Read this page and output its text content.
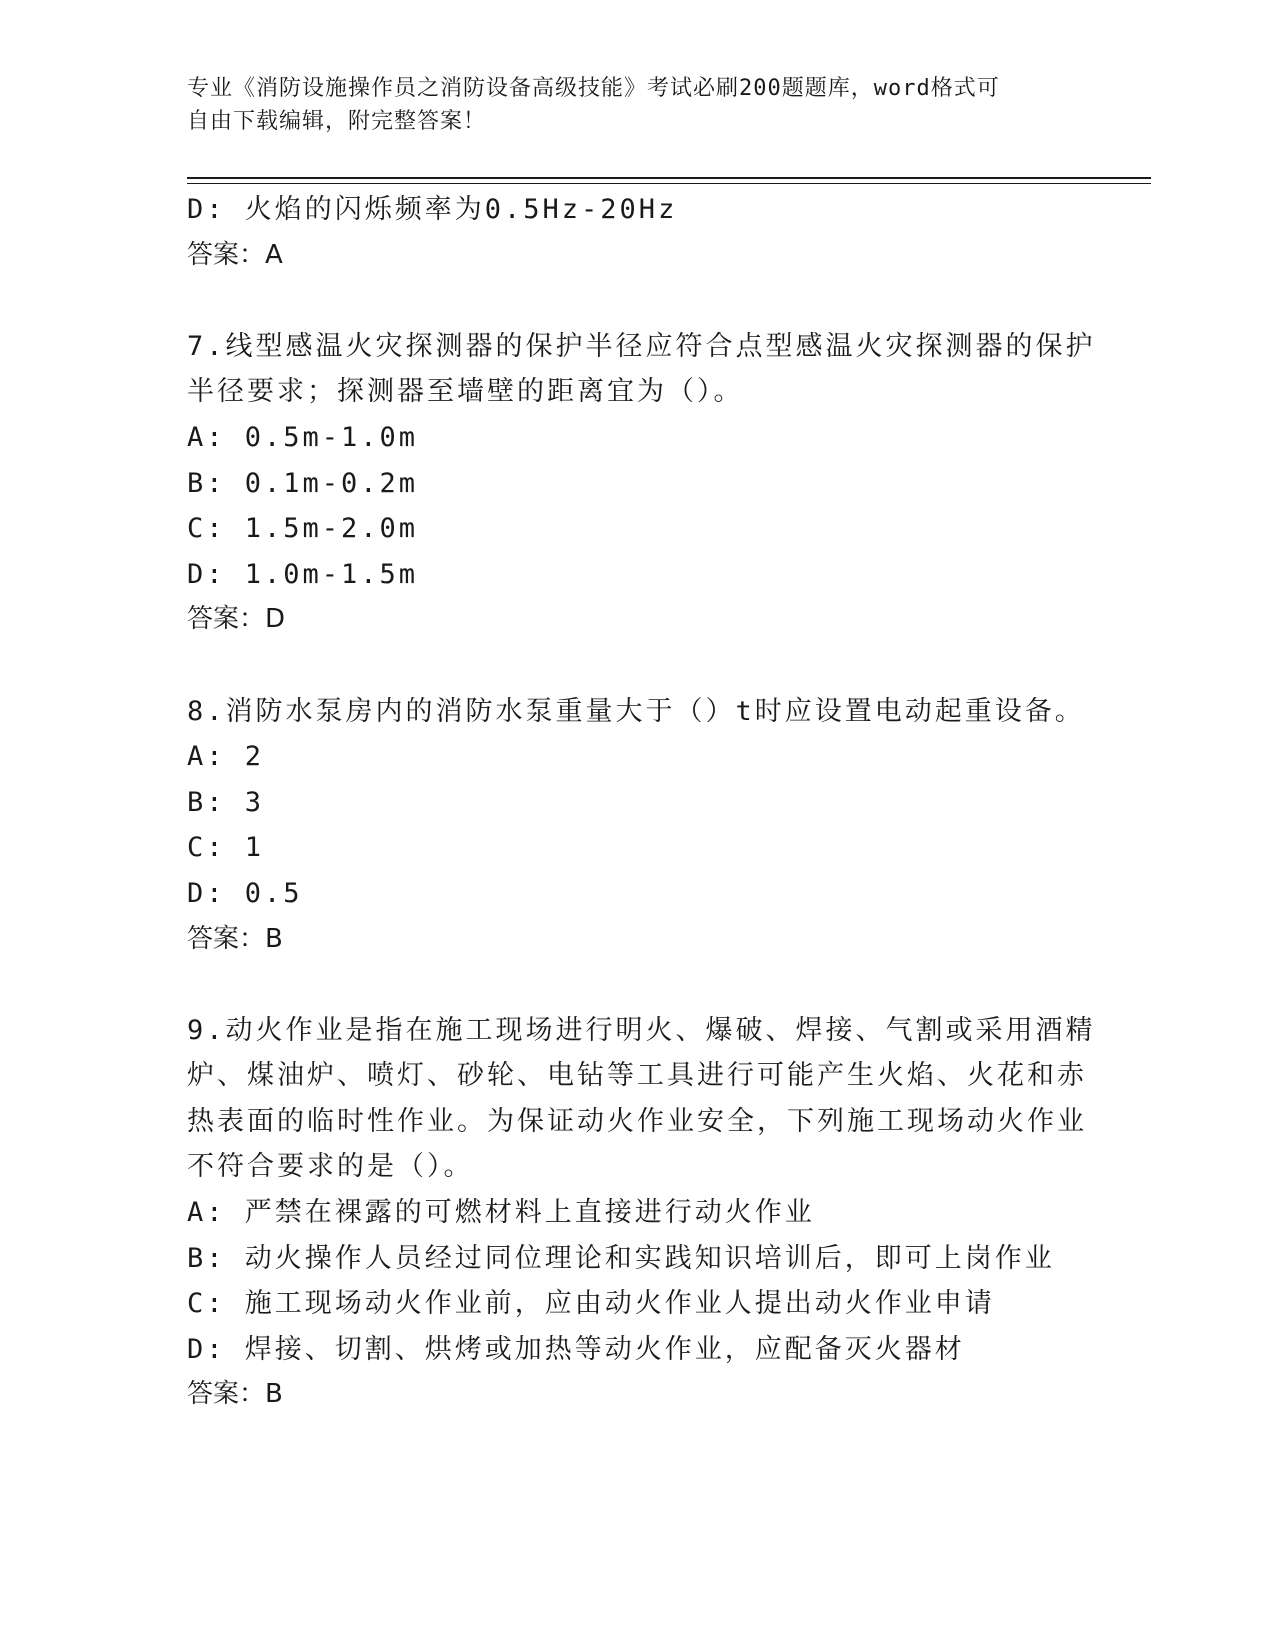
专业《消防设施操作员之消防设备高级技能》考试必刷200题题库，word格式可
自由下载编辑，附完整答案！
D: 火焰的闪烁频率为0.5Hz-20Hz
答案：A
7.线型感温火灾探测器的保护半径应符合点型感温火灾探测器的保护
半径要求；探测器至墙壁的距离宜为（）。
A: 0.5m-1.0m
B: 0.1m-0.2m
C: 1.5m-2.0m
D: 1.0m-1.5m
答案：D
8.消防水泵房内的消防水泵重量大于（）t时应设置电动起重设备。
A: 2
B: 3
C: 1
D: 0.5
答案：B
9.动火作业是指在施工现场进行明火、爆破、焊接、气割或采用酒精
炉、煤油炉、喷灯、砂轮、电钻等工具进行可能产生火焰、火花和赤
热表面的临时性作业。为保证动火作业安全，下列施工现场动火作业
不符合要求的是（）。
A: 严禁在裸露的可燃材料上直接进行动火作业
B: 动火操作人员经过同位理论和实践知识培训后，即可上岗作业
C: 施工现场动火作业前，应由动火作业人提出动火作业申请
D: 焊接、切割、烘烤或加热等动火作业，应配备灭火器材
答案：B
